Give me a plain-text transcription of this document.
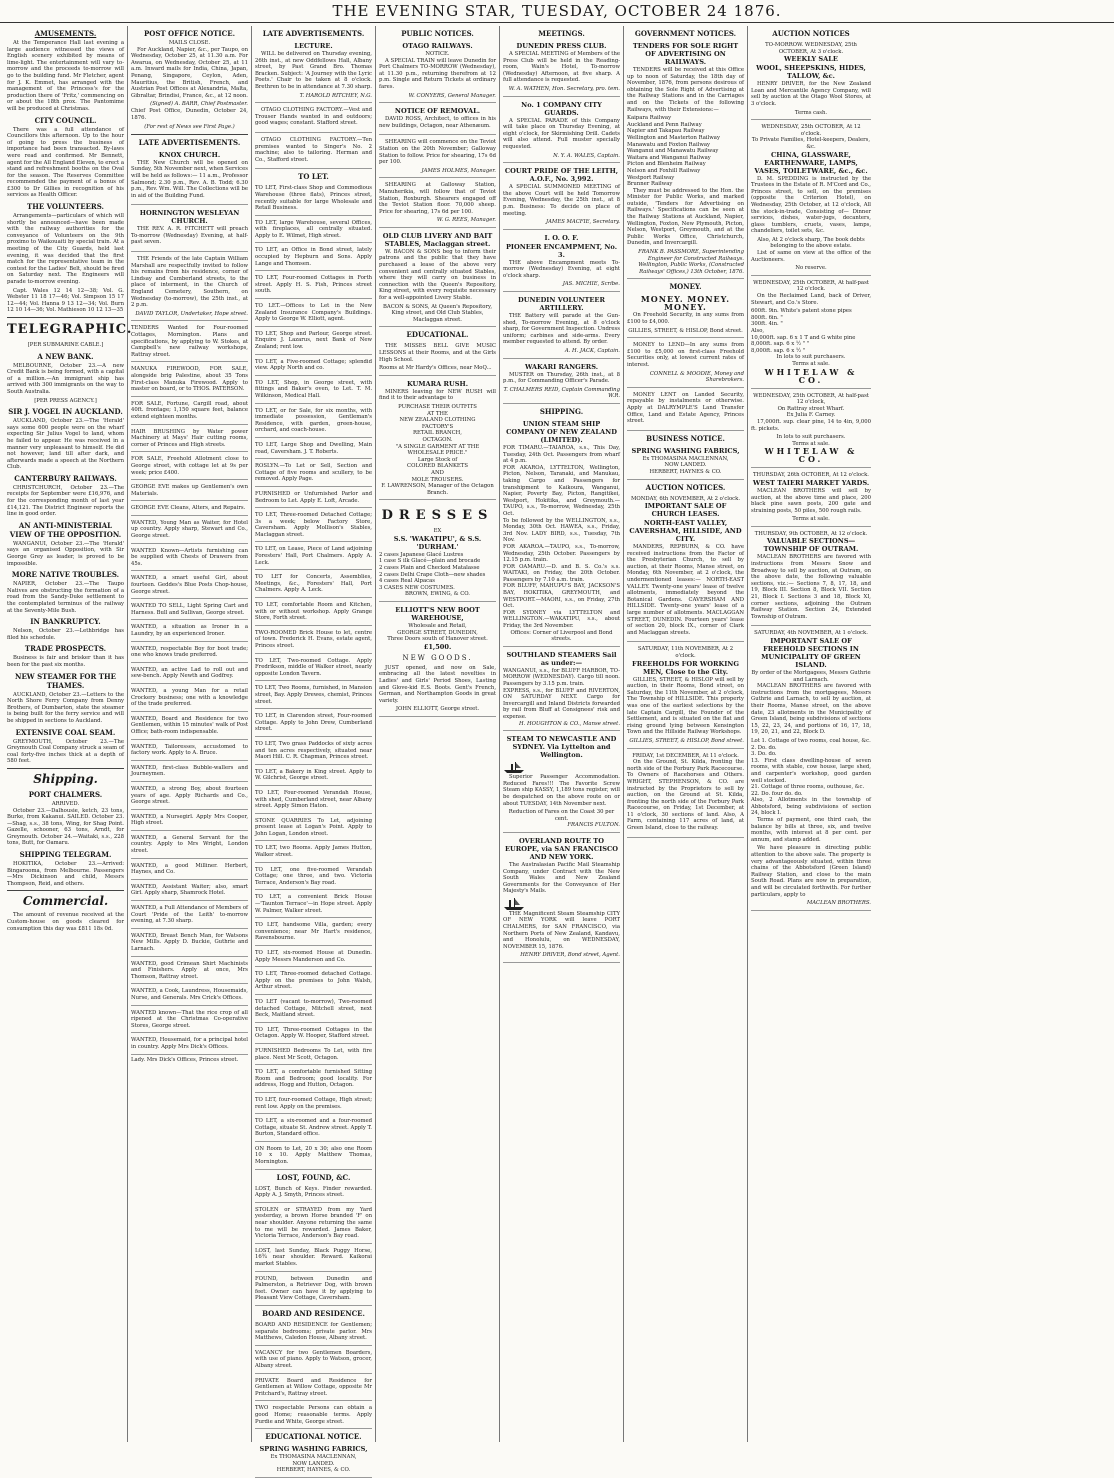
THE EVENING STAR, TUESDAY, OCTOBER 24 1876.
AMUSEMENTS.

At the Temperance Hall last evening a large audience witnessed the views of English scenery exhibited by means of lime-light. The entertainment will vary to-morrow and the proceeds to-morrow will go to the building fund. Mr Fletcher, agent for J. K. Emmet, has arranged with the management of the Princess's for the production there of 'Fritz,' commencing on or about the 18th prox. The Pantomime will be produced at Christmas.

CITY COUNCIL.

There was a full attendance of Councillors this afternoon. Up to the hour of going to press the business of importance had been transacted. By-laws were read and confirmed. Mr Bennett, agent for the All England Eleven, to erect a stand and refreshment booths on the Oval for the season. The Reserves Committee recommended the payment of a bonus of £300 to Dr Gillies in recognition of his services as Health Officer.

THE VOLUNTEERS.

Arrangements—particulars of which will shortly be announced—have been made with the railway authorities for the conveyance of Volunteers on the 9th proximo to Waikouaiti by special train. At a meeting of the City Guards, held last evening, it was decided that the first match for the representative team in the contest for the Ladies' Belt, should be fired on Saturday next. The Engineers will parade to-morrow evening.

Capt. Wales 12 14 12—38; Vol. G. Webster 11 18 17—46; Vol. Simpson 15 17 12—44; Vol. Hanna 9 13 12—34; Vol. Burn 12 10 14—36; Vol. Mathieson 10 12 13—35

TELEGRAPHIC.
[PER SUBMARINE CABLE.]
A NEW BANK.

MELBOURNE, October 23.—A new Credit Bank is being formed, with a capital of a million.—An immigrant ship has arrived with 300 immigrants on the way to South Australia.

[PER PRESS AGENCY.]
SIR J. VOGEL IN AUCKLAND.

AUCKLAND, October 23.—The 'Herald' says some 600 people were on the wharf expecting Sir Julius Vogel to land, whom he failed to appear. He was received in a manner very unpleasant to himself. He did not however, land till after dark, and afterwards made a speech at the Northern Club.

CANTERBURY RAILWAYS.

CHRISTCHURCH, October 23.—The receipts for September were £16,976, and for the corresponding month of last year £14,121. The District Engineer reports the line in good order.

AN ANTI-MINISTERIAL VIEW OF THE OPPOSITION.

WANGANUI, October 23.—The 'Herald' says an organised Opposition, with Sir George Grey as leader, is proved to be impossible.

MORE NATIVE TROUBLES.

NAPIER, October 23.—The Taupo Natives are obstructing the formation of a road from the Sandy-Duke settlement to the contemplated terminus of the railway at the Seventy-Mile Bush.

IN BANKRUPTCY.

Nelson, October 23.—Lethbridge has filed his schedule.

TRADE PROSPECTS.

Business is fair and brisker than it has been for the past six months.

NEW STEAMER FOR THE THAMES.

AUCKLAND, October 23.—Letters to the North Shore Ferry Company from Denny Brothers, of Dumbarton, state the steamer is being built for the ferry service and will be shipped in sections to Auckland.

EXTENSIVE COAL SEAM.

GREYMOUTH, October 23.—The Greymouth Coal Company struck a seam of coal forty-five inches thick at a depth of 580 feet.

Shipping.
PORT CHALMERS.
ARRIVED.

October 23.—Dalhousie, ketch, 23 tons, Burke, from Kakanui. SAILED. October 23.—Shag, s.s., 38 tons, Wing, for Shag Point. Gazelle, schooner, 63 tons, Arndt, for Greymouth. October 24.—Waitaki, s.s., 228 tons, Butt, for Oamaru.

SHIPPING TELEGRAM.

HOKITIKA, October 23.—Arrived: Bingarooma, from Melbourne. Passengers—Mrs Dickinson and child, Messrs Thompson, Reid, and others.

Commercial.

The amount of revenue received at the Custom-house on goods cleared for consumption this day was £811 18s 0d.

POST OFFICE NOTICE.
MAILS CLOSE.

For Auckland, Napier, &c., per Taupo, on Wednesday, October 25, at 11.30 a.m. For Awarua, on Wednesday, October 25, at 11 a.m. Inward mails for India, China, Japan, Penang, Singapore, Ceylon, Aden, Mauritius, the British, French, and Austrian Post Offices at Alexandria, Malta, Gibraltar, Brindisi, France, &c., at 12 noon.

(Signed) A. BARR, Chief Postmaster.
Chief Post Office, Dunedin, October 24, 1876.
(For rest of News see First Page.)
LATE ADVERTISEMENTS.
KNOX CHURCH.

THE New Church will be opened on Sunday, 5th November next, when Services will be held as follows:— 11 a.m., Professor Salmond; 2.30 p.m., Rev. A. B. Todd; 6.30 p.m., Rev. Wm. Will. The Collections will be in aid of the Building Fund.

HORNINGTON WESLEYAN CHURCH.

THE REV. A. R. FITCHETT will preach To-morrow (Wednesday) Evening, at half-past seven.

THE Friends of the late Captain William Marshall are respectfully invited to follow his remains from his residence, corner of Lindsay and Cumberland streets, to the place of interment, in the Church of England Cemetery, Southern, on Wednesday (to-morrow), the 25th inst., at 2 p.m.

DAVID TAYLOR, Undertaker, Hope street.
TENDERS Wanted for Four-roomed Cottages, Mornington. Plans and specifications, by applying to W. Stokes, at Campbell's new railway workshops, Rattray street.
MANUKA FIREWOOD, FOR SALE, alongside brig Palestine, about 35 Tons First-class Manuka Firewood. Apply to master on board, or to THOS. PATERSON.
FOR SALE, Fortune, Cargill road, about 40ft. frontage; 1,150 square feet, balance extend eighteen months.
HAIR BRUSHING by Water power Machinery at Mays' Hair cutting rooms, corner of Princes and High streets.
FOR SALE, Freehold Allotment close to George street, with cottage let at 9s per week; price £400.
GEORGE EVE makes up Gentlemen's own Materials.
GEORGE EVE Cleans, Alters, and Repairs.
WANTED, Young Man as Waiter, for Hotel up country. Apply sharp, Stewart and Co., George street.
WANTED Known—Artists furnishing can be supplied with Chests of Drawers from 45s.
WANTED, a smart useful Girl, about fourteen. Geddes's Blue Posts Chop-house, George street.
WANTED TO SELL, Light Spring Cart and Harness. Bull and Sullivan, George street.
WANTED, a situation as Ironer in a Laundry, by an experienced Ironer.
WANTED, respectable Boy for boot trade; one who knows trade preferred.
WANTED, an active Lad to roll out and sew-bench. Apply Newth and Godfrey.
WANTED, a young Man for a retail Crockery business; one with a knowledge of the trade preferred.
WANTED, Board and Residence for two Gentlemen, within 15 minutes' walk of Post Office; bath-room indispensable.
WANTED, Tailoresses, accustomed to factory work. Apply to A. Bruce.
WANTED, first-class Bubble-wallers and Journeymen.
WANTED, a strong Boy, about fourteen years of age. Apply Richards and Co., George street.
WANTED, a Nursegirl. Apply Mrs Cooper, High street.
WANTED, a General Servant for the country. Apply to Mrs Wright, London street.
WANTED, a good Milliner. Herbert, Haynes, and Co.
WANTED, Assistant Waiter; also, smart Girl. Apply sharp, Shamrock Hotel.
WANTED, a Full Attendance of Members of Court 'Pride of the Leith' to-morrow evening, at 7.30 sharp.
WANTED, Breast Bench Man, for Watsons New Mills. Apply D. Buckie, Guthrie and Larnach.
WANTED, good Crimean Shirt Machinists and Finishers. Apply at once, Mrs Thomson, Rattray street.
WANTED, a Cook, Laundress, Housemaids, Nurse, and Generals. Mrs Crick's Offices.
WANTED known—That the rice crop of all ripened at the Christmas Co-operative Stores, George street.
WANTED, Housemaid, for a principal hotel in country. Apply Mrs Dick's Offices.
Lady. Mrs Dick's Offices, Princes street.
LATE ADVERTISEMENTS.
LECTURE.

WILL be delivered on Thursday evening, 26th inst., at new Oddfellows Hall, Albany street, by Past Grand Bro. Thomas Bracken. Subject: 'A Journey with the Lyric Poets.' Chair to be taken at 8 o'clock. Brethren to be in attendance at 7.30 sharp.

T. HAROLD RITCHEY, N.G.

OTAGO CLOTHING FACTORY.—Vest and Trouser Hands wanted in and outdoors; good wages; constant. Stafford street.

OTAGO CLOTHING FACTORY.—Ten premises wanted to Singer's No. 2 machine; also to tailoring. Herman and Co., Stafford street.

TO LET.
TO LET, First-class Shop and Commodious Warehouse (three flats), Princes street, recently suitable for large Wholesale and Retail Business.
TO LET, large Warehouse, several Offices, with fireplaces, all centrally situated. Apply to E. Wilmet, High street.
TO LET, an Office in Bond street, lately occupied by Hepburn and Sons. Apply Lange and Thomsen.
TO LET, Four-roomed Cottages in Forth street. Apply H. S. Fish, Princes street south.
TO LET.—Offices to Let in the New Zealand Insurance Company's Buildings. Apply to George W. Elliott, agent.
TO LET, Shop and Parlour, George street. Enquire J. Lazarus, next Bank of New Zealand; rent low.
TO LET, a Five-roomed Cottage; splendid view. Apply North and co.
TO LET, Shop, in George street, with fittings and Baker's oven, to Let. T. M. Wilkinson, Medical Hall.
TO LET, or for Sale, for six months, with immediate possession, Gentleman's Residence, with garden, green-house, orchard, and coach-house.
TO LET, Large Shop and Dwelling, Main road, Caversham. J. T. Roberts.
ROSLYN.—To Let or Sell, Section and Cottage of five rooms and scullery, to be removed. Apply Page.
FURNISHED or Unfurnished Parlor and Bedroom to Let. Apply E. Loft, Arcade.
TO LET, Three-roomed Detached Cottage; 3s a week; below Factory Store, Caversham. Apply Mollison's Stables, Maclaggan street.
TO LET, on Lease, Piece of Land adjoining Foresters' Hall, Port Chalmers. Apply A. Leck.
TO LET for Concerts, Assemblies, Meetings, &c., Foresters' Hall, Port Chalmers. Apply A. Leck.
TO LET, comfortable Room and Kitchen, with or without workshop. Apply Grange Store, Forth street.
TWO-ROOMED Brick House to let, centre of town. Frederick H. Evans, estate agent, Princes street.
TO LET, Two-roomed Cottage. Apply Fredrikson, middle of Walker street, nearly opposite London Tavern.
TO LET, Two Rooms, furnished, in Mansion street, Bay. Apply Drewes, chemist, Princes street.
TO LET, in Clarendon street, Four-roomed Cottage. Apply to John Drew, Cumberland street.
TO LET, Two grass Paddocks of sixty acres and ten acres respectively, situated near Maori Hill. C. R. Chapman, Princes street.
TO LET, a Bakery in King street. Apply to W. Gilchrist, George street.
TO LET, Four-roomed Verandah House, with shed, Cumberland street, near Albany street. Apply Simon Haton.
STONE QUARRIES To Let, adjoining present lease at Logan's Point. Apply to John Logan, London street.
TO LET, two Rooms. Apply James Hutton, Walker street.
TO LET, one five-roomed Verandah Cottage; one three, and two. Victoria Terrace, Anderson's Bay road.
TO LET, a convenient Brick House—'Taunton Terrace'—in Hope street. Apply W. Palmer, Walker street.
TO LET, handsome Villa, garden; every convenience; near Mr Hart's residence, Ravensbourne.
TO LET, six-roomed House at Dunedin. Apply Messrs Manderson and Co.
TO LET, Three-roomed detached Cottage. Apply on the premises to John Walsh, Arthur street.
TO LET (vacant to-morrow), Two-roomed detached Cottage, Mitchell street, next Beck, Maitland street.
TO LET, Three-roomed Cottages in the Octagon. Apply W. Hooper, Stafford street.
FURNISHED Bedrooms To Let, with fire place. Next Mr Scott, Octagon.
TO LET, a comfortable furnished Sitting Room and Bedroom; good locality. For address, Hogg and Hutton, Octagon.
TO LET, four-roomed Cottage, High street; rent low. Apply on the premises.
TO LET, a six-roomed and a four-roomed Cottage, situate St. Andrew street. Apply T. Burton, Standard office.
ON Room to Let, 20 x 30; also one Room 10 x 10. Apply Matthew Thomas, Mornington.
LOST, FOUND, &C.
LOST, Bunch of Keys. Finder rewarded. Apply A. J. Smyth, Princes street.
STOLEN or STRAYED from my Yard yesterday, a brown Horse branded 'F' on near shoulder. Anyone returning the same to me will be rewarded. James Baker, Victoria Terrace, Anderson's Bay road.
LOST, last Sunday, Black Puggy Horse, 16¾ near shoulder. Reward. Kaikorai market Stables.
FOUND, between Dunedin and Palmerston, a Retriever Dog, with brown feet. Owner can have it by applying to Pleasant View Cottage, Caversham.
BOARD AND RESIDENCE.
BOARD AND RESIDENCE for Gentlemen; separate bedrooms; private parlor. Mrs Matthews, Caledon House, Albany street.
VACANCY for two Gentlemen Boarders, with use of piano. Apply to Watson, grocer, Albany street.
PRIVATE Board and Residence for Gentlemen at Willow Cottage, opposite Mr Pritchard's, Rattray street.
TWO respectable Persons can obtain a good Home; reasonable terms. Apply Purdie and White, George street.
EDUCATIONAL NOTICE.
SPRING WASHING FABRICS,
Ex THOMASINA MACLENNAN,
NOW LANDED.
HERBERT, HAYNES, & CO.
PUBLIC NOTICES.
OTAGO RAILWAYS.
NOTICE.

A SPECIAL TRAIN will leave Dunedin for Port Chalmers TO-MORROW (Wednesday), at 11.30 p.m., returning therefrom at 12 p.m. Single and Return Tickets at ordinary fares.

W. CONYERS, General Manager.
NOTICE OF REMOVAL.

DAVID ROSS, Architect, to offices in his new buildings, Octagon, near Athenæum.

SHEARING will commence on the Teviot Station on the 20th November; Galloway Station to follow. Price for shearing, 17s 6d per 100.

JAMES HOLMES, Manager.

SHEARING at Galloway Station, Manuherikia, will follow that of Teviot Station, Roxburgh. Shearers engaged off the Teviot Station floor. 70,000 sheep. Price for shearing, 17s 6d per 100.

W. G. REES, Manager.
OLD CLUB LIVERY AND BAIT STABLES, Maclaggan street.

W. BACON & SONS beg to inform their patrons and the public that they have purchased a lease of the above very convenient and centrally situated Stables, where they will carry on business in connection with the Queen's Repository, King street, with every requisite necessary for a well-appointed Livery Stable.

BACON & SONS, At Queen's Repository, King street, and Old Club Stables, Maclaggan street.
EDUCATIONAL.

THE MISSES BELL GIVE MUSIC LESSONS at their Rooms, and at the Girls High School.

Rooms at Mr Hardy's Offices, near MoQ...
KUMARA RUSH.

MINERS leaving for NEW RUSH will find it to their advantage to

PURCHASE THEIR OUTFITS
AT THE
NEW ZEALAND CLOTHING
FACTORY'S
RETAIL BRANCH,
OCTAGON.
"A SINGLE GARMENT AT THE
WHOLESALE PRICE."
Large Stock of
COLORED BLANKETS
AND
MOLE TROUSERS.
F. LAWRENSON, Manager of the Octagon Branch.
DRESSES
EX
S.S. 'WAKATIPU', & S.S. 'DURHAM.'
2 cases Japanese Glacé Lustres
1 case S ilk Glacé—plain and brocade
2 cases Plain and Checked Matalasse
2 cases Delhi Crape Cloth—new shades
4 cases Real Alpacas
3 CASES NEW COSTUMES.
BROWN, EWING, & CO.
ELLIOTT'S NEW BOOT WAREHOUSE,
Wholesale and Retail,
GEORGE STREET, DUNEDIN,
Three Doors south of Hanover street.
£1,500.
NEW GOODS.

JUST opened, and now on Sale, embracing all the latest novelties in Ladies' and Girls' Period Shoes, Lasting and Glove-kid E.S. Boots. Gent's French, German, and Northampton Goods in great variety.

JOHN ELLIOTT, George street.
MEETINGS.
DUNEDIN PRESS CLUB.

A SPECIAL MEETING of Members of the Press Club will be held in the Reading-room, Wain's Hotel, To-morrow (Wednesday) Afternoon, at five sharp. A full attendance is requested.

W. A. WATHEN, Hon. Secretary, pro. tem.
No. 1 COMPANY CITY GUARDS.

A SPECIAL PARADE of this Company will take place on Thursday Evening, at eight o'clock, for Skirmishing Drill. Cadets will also attend. Full muster specially requested.

N. Y. A. WALES, Captain.
COURT PRIDE OF THE LEITH, A.O.F., No. 3,992.

A SPECIAL SUMMONED MEETING of the above Court will be held Tomorrow Evening, Wednesday, the 25th inst., at 8 p.m. Business: To decide on place of meeting.

JAMES MACFIE, Secretary.
I. O. O. F.
PIONEER ENCAMPMENT, No. 3.

THE above Encampment meets To-morrow (Wednesday) Evening, at eight o'clock sharp.

JAS. MICHIE, Scribe.
DUNEDIN VOLUNTEER ARTILLERY.

THE Battery will parade at the Gun-shed, To-morrow Evening, at 8 o'clock sharp, for Government Inspection. Undress uniform; carbines and side-arms. Every member requested to attend. By order.

A. H. JACK, Captain.
WAKARI RANGERS.

MUSTER on Thursday, 26th inst., at 8 p.m., for Commanding Officer's Parade.

T. CHALMERS REID, Captain Commanding W.R.
SHIPPING.
UNION STEAM SHIP COMPANY OF NEW ZEALAND (LIMITED).
FOR TIMARU.—TAIAROA, s.s., This Day, Tuesday, 24th Oct. Passengers from wharf at 4 p.m.
FOR AKAROA, LYTTELTON, Wellington, Picton, Nelson, Taranaki, and Manukau, taking Cargo and Passengers for transhipment to Kaikoura, Wanganui, Napier, Poverty Bay, Picton, Rangitikei, Westport, Hokitika, and Greymouth.—TAUPO, s.s., To-morrow, Wednesday, 25th Oct.
To be followed by the WELLINGTON, s.s., Monday, 30th Oct. HAWEA, s.s., Friday, 3rd Nov. LADY BIRD, s.s., Tuesday, 7th Nov.
FOR AKAROA.—TAUPO, s.s., To-morrow, Wednesday, 25th October. Passengers by 12.15 p.m. train.
FOR OAMARU.—D. and B. S. Co.'s s.s. WAITAKI, on Friday, the 20th October. Passengers by 7.10 a.m. train.
FOR BLUFF, MAHUPU'S BAY, JACKSON'S BAY, HOKITIKA, GREYMOUTH, and WESTPORT.—MAORI, s.s., on Friday, 27th Oct.
FOR SYDNEY via LYTTELTON and WELLINGTON.—WAKATIPU, s.s., about Friday, the 3rd November.
Offices: Corner of Liverpool and Bond streets.
SOUTHLAND STEAMERS Sail as under:—
WANGANUI, s.s., for BLUFF HARBOR, TO-MORROW (WEDNESDAY). Cargo till noon. Passengers by 3.15 p.m. train.
EXPRESS, s.s., for BLUFF and RIVERTON, ON SATURDAY NEXT. Cargo for Invercargill and Inland Districts forwarded by rail from Bluff at Consignees' risk and expense.
H. HOUGHTON & CO., Manse street.
STEAM TO NEWCASTLE AND SYDNEY. Via Lyttelton and Wellington.

Superior Passenger Accommodation. Reduced Fares!!! The Favorite Screw Steam ship KASSY, 1,189 tons register, will be despatched on the above route on or about TUESDAY, 14th November next.

Reduction of Fares on the Coast 30 per cent.
FRANCIS FULTON.
OVERLAND ROUTE TO EUROPE, via SAN FRANCISCO AND NEW YORK.

The Australasian Pacific Mail Steamship Company, under Contract with the New South Wales and New Zealand Governments for the Conveyance of Her Majesty's Mails.

THE Magnificent Steam Steamship CITY OF NEW YORK will leave PORT CHALMERS, for SAN FRANCISCO, via Northern Ports of New Zealand, Kandavu, and Honolulu, on WEDNESDAY, NOVEMBER 15, 1876.

HENRY DRIVER, Bond street, Agent.
GOVERNMENT NOTICES.
TENDERS FOR SOLE RIGHT OF ADVERTISING ON RAILWAYS.

TENDERS will be received at this Office up to noon of Saturday, the 18th day of November, 1876, from persons desirous of obtaining the Sole Right of Advertising at the Railway Stations and in the Carriages and on the Tickets of the following Railways, with their Extensions:—

Kaipara Railway
Auckland and Penn Railway
Napier and Takapau Railway
Wellington and Masterton Railway
Manawatu and Foxton Railway
Wanganui and Manawatu Railway
Waitara and Wanganui Railway
Picton and Blenheim Railway
Nelson and Foxhill Railway
Westport Railway
Brunner Railway

They must be addressed to the Hon. the Minister for Public Works, and marked outside, 'Tenders for Advertising on Railways.' Specifications can be seen at the Railway Stations at Auckland, Napier, Wellington, Foxton, New Plymouth, Picton, Nelson, Westport, Greymouth, and at the Public Works Office, Christchurch, Dunedin, and Invercargill.

FRANK B. PASSMORE, Superintending Engineer for Constructed Railways. Wellington, Public Works, (Constructed Railways' Offices,) 13th October, 1876.
MONEY.
MONEY. MONEY. MONEY.

On Freehold Security, in any sums from £100 to £4,000.

GILLIES, STREET, & HISLOP, Bond street.

MONEY to LEND—In any sums from £100 to £5,000 on first-class Freehold Securities only, at lowest current rates of interest.

CONNELL & MOODIE, Money and Sharebrokers.

MONEY LENT on Landed Security, repayable by instalments or otherwise. Apply at DALRYMPLE'S Land Transfer Office, Land and Estate Agency, Princes street.

BUSINESS NOTICE.
SPRING WASHING FABRICS,
Ex THOMASINA MACLENNAN,
NOW LANDED.
HERBERT, HAYNES & CO.
AUCTION NOTICES.
MONDAY, 6th NOVEMBER, At 2 o'clock.
IMPORTANT SALE OF CHURCH LEASES.
NORTH-EAST VALLEY, CAVERSHAM, HILLSIDE, AND CITY.

MANDERS, REPBURN, & CO. have received instructions from the Factor of the Presbyterian Church, to sell by auction, at their Rooms, Manse street, on Monday, 6th November, at 2 o'clock, the undermentioned leases:— NORTH-EAST VALLEY. Twenty-one years' lease of twelve allotments, immediately beyond the Botanical Gardens. CAVERSHAM AND HILLSIDE. Twenty-one years' lease of a large number of allotments. MACLAGGAN STREET, DUNEDIN. Fourteen years' lease of section 20, block IX., corner of Clark and Maclaggan streets.

SATURDAY, 11th NOVEMBER, At 2 o'clock.
FREEHOLDS FOR WORKING MEN, Close to the City.

GILLIES, STREET, & HISLOP will sell by auction, in their Rooms, Bond street, on Saturday, the 11th November, at 2 o'clock, The Township of HILLSIDE. This property was one of the earliest selections by the late Captain Cargill, the Founder of the Settlement, and is situated on the flat and rising ground lying between Kensington Town and the Hillside Railway Workshops.

GILLIES, STREET, & HISLOP, Bond street.
FRIDAY, 1st DECEMBER, At 11 o'clock.

On the Ground, St. Kilda, fronting the north side of the Forbury Park Racecourse. To Owners of Racehorses and Others. WRIGHT, STEPHENSON, & CO. are instructed by the Proprietors to sell by auction, on the Ground at St. Kilda, fronting the north side of the Forbury Park Racecourse, on Friday, 1st December, at 11 o'clock, 30 sections of land. Also, A Farm, containing 117 acres of land, at Green Island, close to the railway.

AUCTION NOTICES
TO-MORROW. WEDNESDAY, 25th OCTOBER, At 3 o'clock.
WEEKLY SALE
WOOL, SHEEPSKINS, HIDES, TALLOW, &c.

HENRY DRIVER, for the New Zealand Loan and Mercantile Agency Company, will sell by auction at the Otago Wool Stores, at 3 o'clock.

Terms cash.
WEDNESDAY, 25th OCTOBER, At 12 o'clock.
To Private Families, Hotel-keepers, Dealers, &c.
CHINA, GLASSWARE, EARTHENWARE, LAMPS, VASES, TOILETWARE, &c., &c.

D. M. SPEDDING is instructed by the Trustees in the Estate of R. M'Cord and Co., Princes street, to sell, on the premises (opposite the Criterion Hotel), on Wednesday, 25th October, at 12 o'clock, All the stock-in-trade, Consisting of— Dinner services, dishes, water-jugs, decanters, glass tumblers, cruets, vases, lamps, chandeliers, toilet sets, &c.

Also, At 2 o'clock sharp, The book debts belonging to the above estate.

List of same on view at the office of the Auctioneers.

No reserve.
WEDNESDAY, 25th OCTOBER, At half-past 12 o'clock.

On the Reclaimed Land, back of Driver, Stewart, and Co.'s Store.

600ft. 9in. White's patent stone pipes
800ft. 6in. "
300ft. 4in. "
Also,
10,000ft. sap. 6 x 1 T and G white pine
8,000ft. sap. 6 x ½ " "
8,000ft. sap. 6 x ½ "
In lots to suit purchasers.
Terms at sale.
WHITELAW & CO.
WEDNESDAY, 25th OCTOBER, At half-past 12 o'clock,
On Rattray street Wharf.
Ex Julia F. Carney.

17,000ft. sup. clear pine, 14 to 4in, 9,000 ft. pickets.

In lots to suit purchasers.
Terms at sale.
WHITELAW & CO.
THURSDAY, 26th OCTOBER, At 12 o'clock.
WEST TAIERI MARKET YARDS.

MACLEAN BROTHERS will sell by auction, at the above time and place, 200 black pine sawn posts, 200 gate and straining posts, 50 piles, 500 rough rails.

Terms at sale.
THURSDAY, 9th OCTOBER, At 12 o'clock.
VALUABLE SECTIONS—TOWNSHIP OF OUTRAM.

MACLEAN BROTHERS are favored with instructions from Messrs Snow and Broadway to sell by auction, at Outram, on the above date, the following valuable sections, viz.:— Sections 7, 8, 17, 18, and 19, Block III. Section 8, Block VII. Section 21, Block I. Sections 3 and 18, Block XI, corner sections, adjoining the Outram Railway Station. Section 24, Extended Township of Outram.

SATURDAY, 4th NOVEMBER, At 1 o'clock.
IMPORTANT SALE OF FREEHOLD SECTIONS IN MUNICIPALITY OF GREEN ISLAND.
By order of the Mortgagees, Messrs Guthrie and Larnach.

MACLEAN BROTHERS are favored with instructions from the mortgagees, Messrs Guthrie and Larnach, to sell by auction, at their Rooms, Manse street, on the above date, 23 allotments in the Municipality of Green Island, being subdivisions of sections 15, 22, 23, 24, and portions of 16, 17, 18, 19, 20, 21, and 22, Block D.

Lot 1. Cottage of two rooms, coal house, &c.
2. Do. do.
3. Do. do.
13. First class dwelling-house of seven rooms, with stable, cow house, large shed, and carpenter's workshop, good garden well stocked.
21. Cottage of three rooms, outhouse, &c.
22. Do. four do. do.
Also, 2 Allotments in the township of Abbotsford, being subdivisions of section 24, block I.

Terms of payment, one third cash, the balance by bills at three, six, and twelve months, with interest at 8 per cent. per annum, and stamp added.

We have pleasure in directing public attention to the above sale. The property is very advantageously situated, within three chains of the Abbotsford (Green Island) Railway Station, and close to the main South Road. Plans are now in preparation, and will be circulated forthwith. For further particulars, apply to

MACLEAN BROTHERS.
